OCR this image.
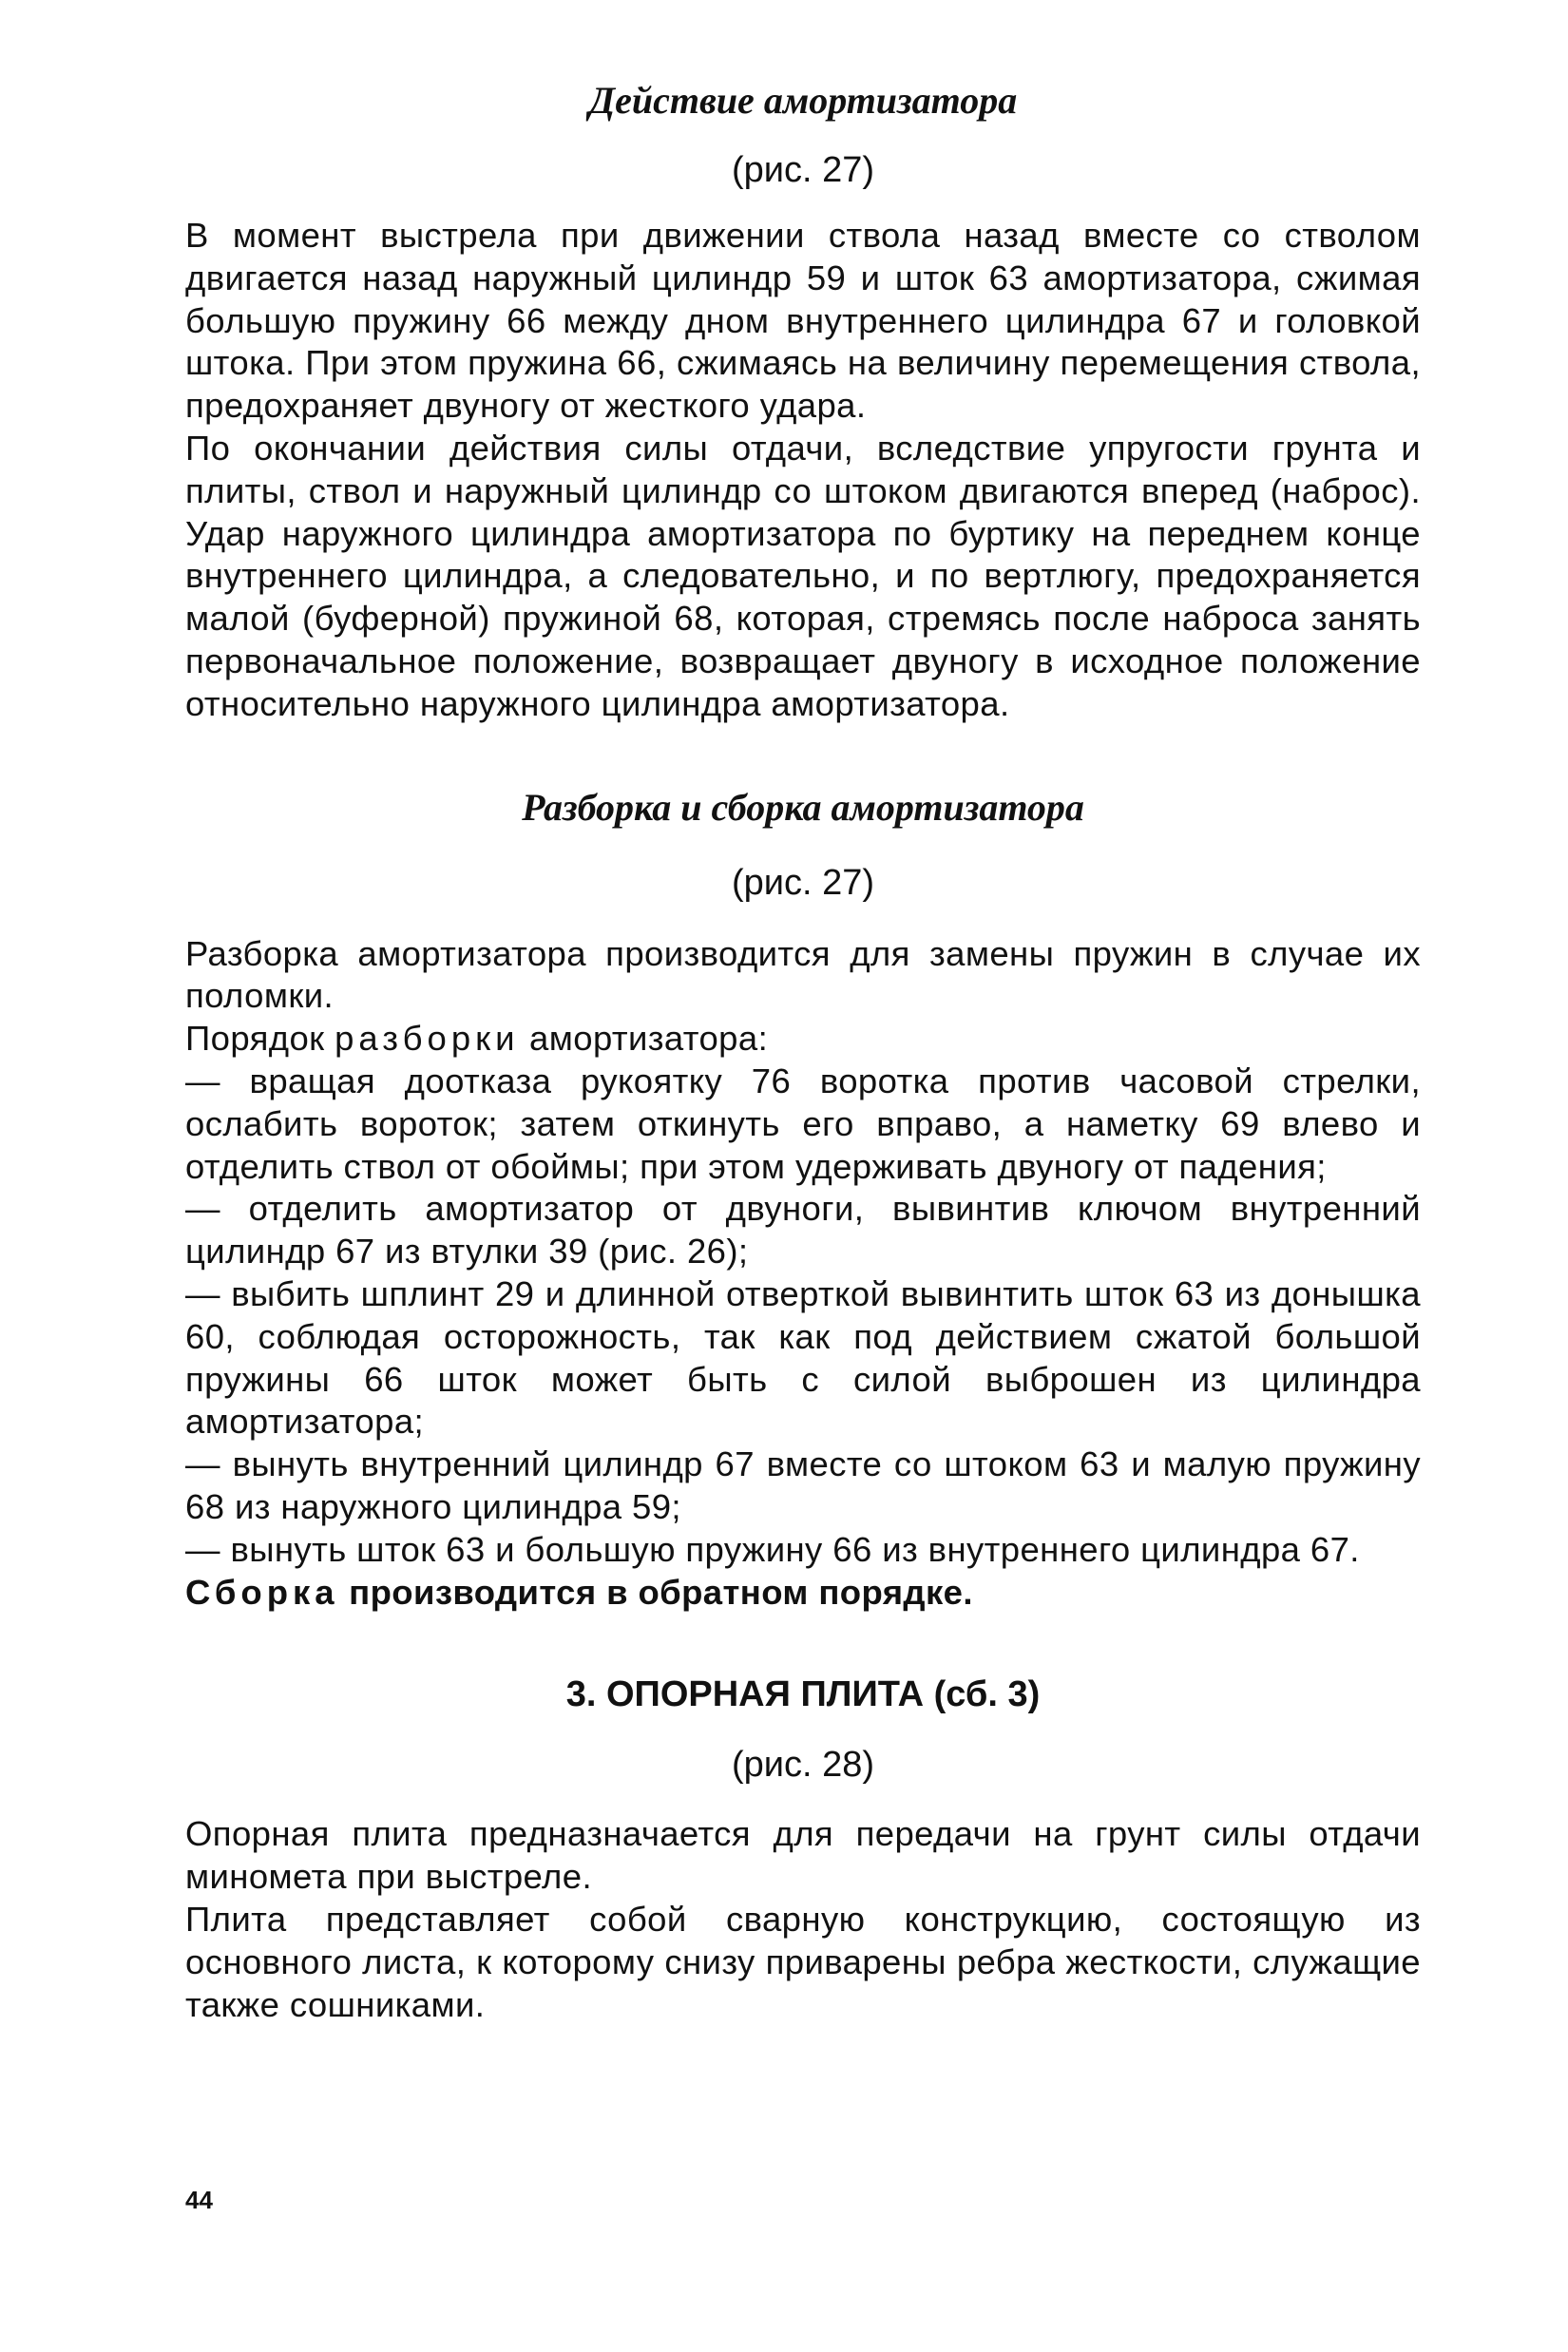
Действие амортизатора
(рис. 27)

В момент выстрела при движении ствола назад вместе со стволом двигается назад наружный цилиндр 59 и шток 63 амортизатора, сжимая большую пружину 66 между дном внутреннего цилиндра 67 и головкой штока. При этом пружина 66, сжимаясь на величину перемещения ствола, предохраняет двуногу от жесткого удара.

По окончании действия силы отдачи, вследствие упругости грунта и плиты, ствол и наружный цилиндр со штоком двигаются вперед (наброс). Удар наружного цилиндра амортизатора по буртику на переднем конце внутреннего цилиндра, а следовательно, и по вертлюгу, предохраняется малой (буферной) пружиной 68, которая, стремясь после наброса занять первоначальное положение, возвращает двуногу в исходное положение относительно наружного цилиндра амортизатора.

Разборка и сборка амортизатора
(рис. 27)

Разборка амортизатора производится для замены пружин в случае их поломки.

Порядок разборки амортизатора:

— вращая доотказа рукоятку 76 воротка против часовой стрелки, ослабить вороток; затем откинуть его вправо, а наметку 69 влево и отделить ствол от обоймы; при этом удерживать двуногу от падения;

— отделить амортизатор от двуноги, вывинтив ключом внутренний цилиндр 67 из втулки 39 (рис. 26);

— выбить шплинт 29 и длинной отверткой вывинтить шток 63 из донышка 60, соблюдая осторожность, так как под действием сжатой большой пружины 66 шток может быть с силой выброшен из цилиндра амортизатора;

— вынуть внутренний цилиндр 67 вместе со штоком 63 и малую пружину 68 из наружного цилиндра 59;

— вынуть шток 63 и большую пружину 66 из внутреннего цилиндра 67.

Сборка производится в обратном порядке.

3. ОПОРНАЯ ПЛИТА (сб. 3)
(рис. 28)

Опорная плита предназначается для передачи на грунт силы отдачи миномета при выстреле.

Плита представляет собой сварную конструкцию, состоящую из основного листа, к которому снизу приварены ребра жесткости, служащие также сошниками.

44
